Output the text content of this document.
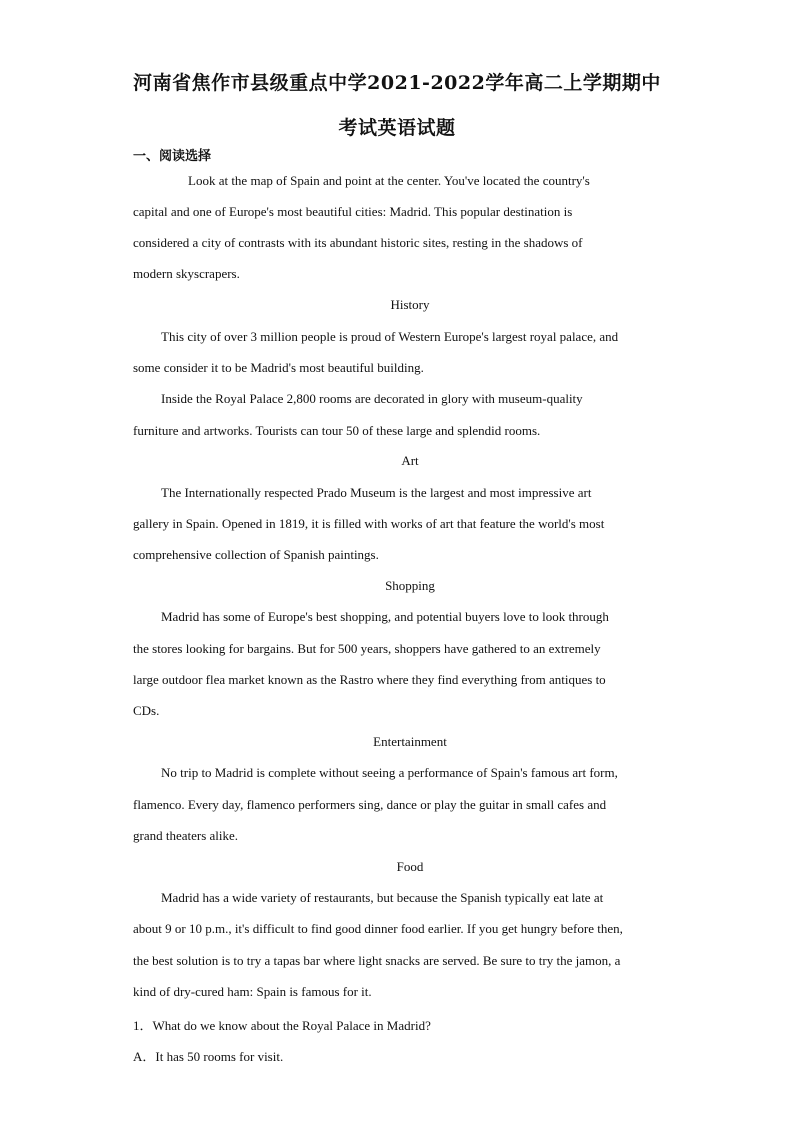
河南省焦作市县级重点中学2021-2022学年高二上学期期中
考试英语试题
一、阅读选择
Look at the map of Spain and point at the center. You've located the country's
capital and one of Europe's most beautiful cities: Madrid. This popular destination is
considered a city of contrasts with its abundant historic sites, resting in the shadows of
modern skyscrapers.
History
This city of over 3 million people is proud of Western Europe's largest royal palace, and
some consider it to be Madrid's most beautiful building.
Inside the Royal Palace 2,800 rooms are decorated in glory with museum-quality
furniture and artworks. Tourists can tour 50 of these large and splendid rooms.
Art
The Internationally respected Prado Museum is the largest and most impressive art
gallery in Spain. Opened in 1819, it is filled with works of art that feature the world's most
comprehensive collection of Spanish paintings.
Shopping
Madrid has some of Europe's best shopping, and potential buyers love to look through
the stores looking for bargains. But for 500 years, shoppers have gathered to an extremely
large outdoor flea market known as the Rastro where they find everything from antiques to
CDs.
Entertainment
No trip to Madrid is complete without seeing a performance of Spain's famous art form,
flamenco. Every day, flamenco performers sing, dance or play the guitar in small cafes and
grand theaters alike.
Food
Madrid has a wide variety of restaurants, but because the Spanish typically eat late at
about 9 or 10 p.m., it's difficult to find good dinner food earlier. If you get hungry before then,
the best solution is to try a tapas bar where light snacks are served. Be sure to try the jamon, a
kind of dry-cured ham: Spain is famous for it.
1．What do we know about the Royal Palace in Madrid?
A．It has 50 rooms for visit.
